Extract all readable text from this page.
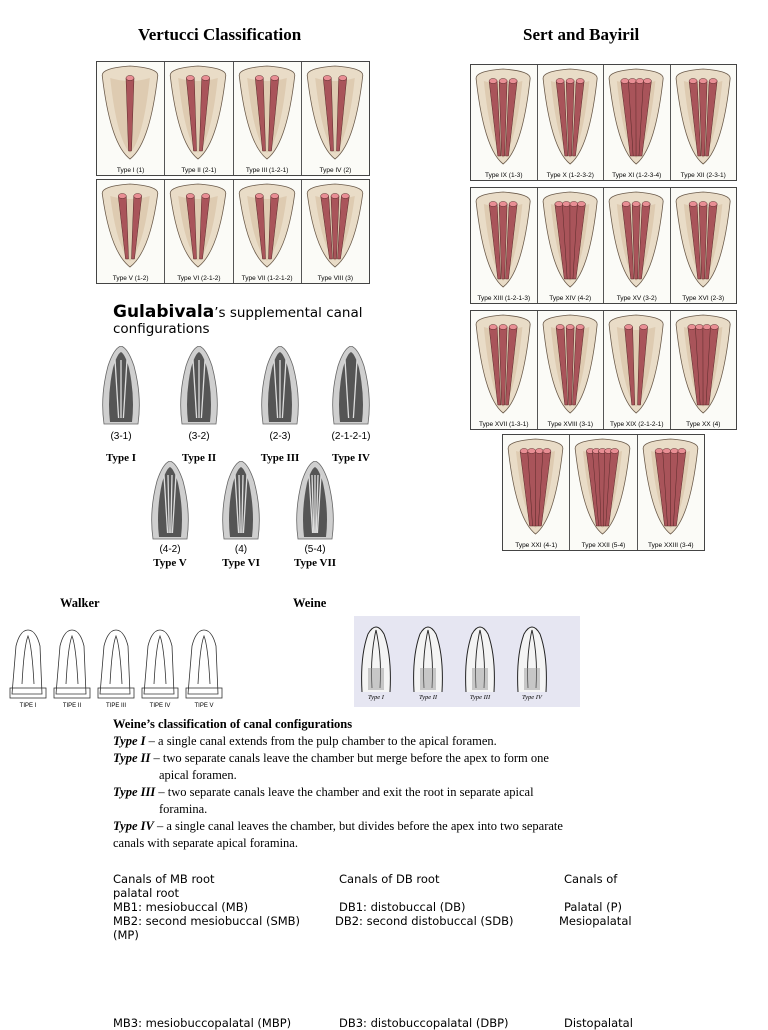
Vertucci Classification	Sert and Bayiril
Type I (1)	Type II (2-1)	Type III (1-2-1)	Type IV (2)
Type V (1-2)	Type VI (2-1-2)	Type VII (1-2-1-2)	Type VIII (3)
Type IX (1-3)	Type X (1-2-3-2)	Type XI (1-2-3-4)	Type XII (2-3-1)
Type XIII (1-2-1-3)	Type XIV (4-2)	Type XV (3-2)	Type XVI (2-3)
Type XVII (1-3-1)	Type XVIII (3-1)	Type XIX (2-1-2-1)	Type XX (4)
Type XXI (4-1)	Type XXII (5-4)	Type XXIII (3-4)
Gulabivala’s supplemental canal
configurations
(3-1)
Type I
(3-2)
Type II
(2-3)
Type III
(2-1-2-1)
Type IV
(4-2)
Type V
(4)
Type VI
(5-4)
Type VII
Walker	Weine
TIPE I	TIPE II	TIPE III	TIPE IV	TIPE V
Type I	Type II	Type III	Type IV

Weine’s classification of canal configurations

Type I – a single canal extends from the pulp chamber to the apical foramen.

Type II – two separate canals leave the chamber but merge before the apex to form one

apical foramen.

Type III – two separate canals leave the chamber and exit the root in separate apical

foramina.

Type IV – a single canal leaves the chamber, but divides before the apex into two separate

canals with separate apical foramina.

Canals of MB root	Canals of DB root	Canals of
palatal root
MB1: mesiobuccal (MB)	DB1: distobuccal (DB)	Palatal (P)
MB2: second mesiobuccal (SMB)	DB2: second distobuccal (SDB)	Mesiopalatal
(MP)
MB3: mesiobuccopalatal (MBP)	DB3: distobuccopalatal (DBP)	Distopalatal
